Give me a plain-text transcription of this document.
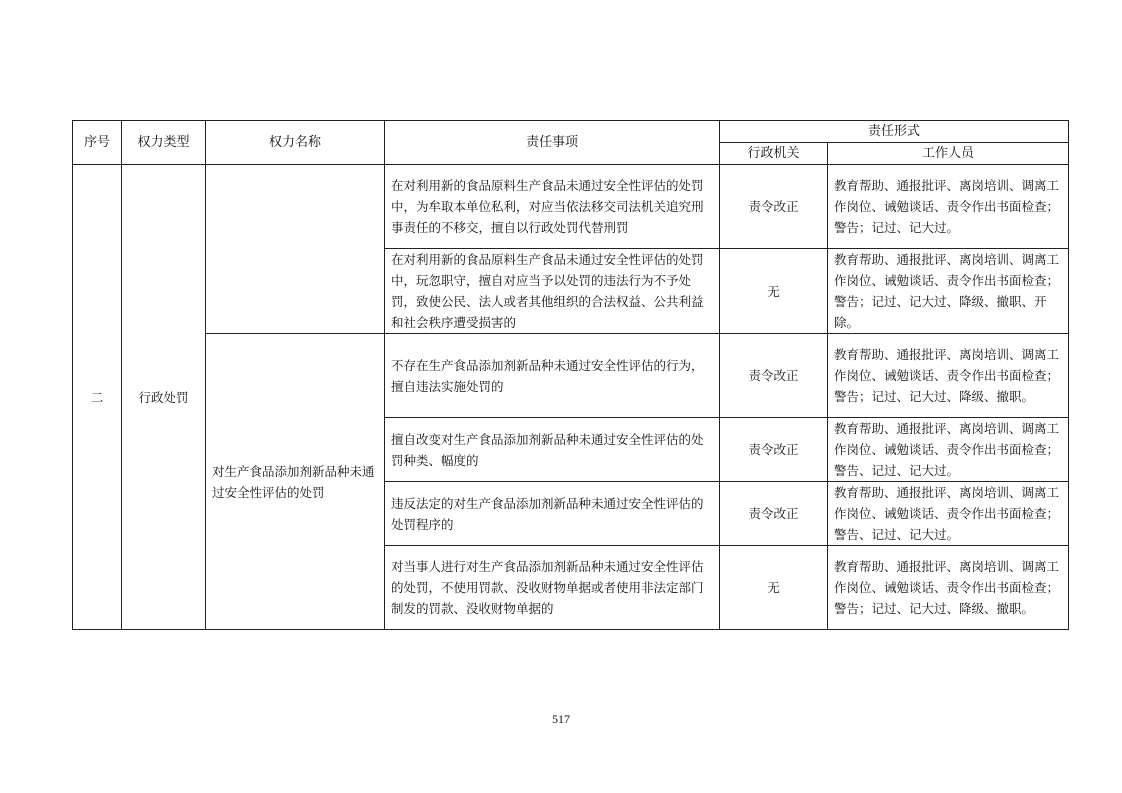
序号	权力类型	权力名称	责任事项	责任形式	
				行政机关	工作人员
二	行政处罚		在对利用新的食品原料生产食品未通过安全性评估的处罚中，为牟取本单位私利，对应当依法移交司法机关追究刑事责任的不移交，擅自以行政处罚代替刑罚	责令改正	教育帮助、通报批评、离岗培训、调离工作岗位、诫勉谈话、责令作出书面检查；警告；记过、记大过。
			在对利用新的食品原料生产食品未通过安全性评估的处罚中，玩忽职守，擅自对应当予以处罚的违法行为不予处罚，致使公民、法人或者其他组织的合法权益、公共利益和社会秩序遭受损害的	无	教育帮助、通报批评、离岗培训、调离工作岗位、诫勉谈话、责令作出书面检查；警告；记过、记大过、降级、撤职、开除。
		对生产食品添加剂新品种未通过安全性评估的处罚	不存在生产食品添加剂新品种未通过安全性评估的行为，擅自违法实施处罚的	责令改正	教育帮助、通报批评、离岗培训、调离工作岗位、诫勉谈话、责令作出书面检查；警告；记过、记大过、降级、撤职。
			擅自改变对生产食品添加剂新品种未通过安全性评估的处罚种类、幅度的	责令改正	教育帮助、通报批评、离岗培训、调离工作岗位、诫勉谈话、责令作出书面检查；警告、记过、记大过。
			违反法定的对生产食品添加剂新品种未通过安全性评估的处罚程序的	责令改正	教育帮助、通报批评、离岗培训、调离工作岗位、诫勉谈话、责令作出书面检查；警告、记过、记大过。
			对当事人进行对生产食品添加剂新品种未通过安全性评估的处罚，不使用罚款、没收财物单据或者使用非法定部门制发的罚款、没收财物单据的	无	教育帮助、通报批评、离岗培训、调离工作岗位、诫勉谈话、责令作出书面检查；警告；记过、记大过、降级、撤职。
517
